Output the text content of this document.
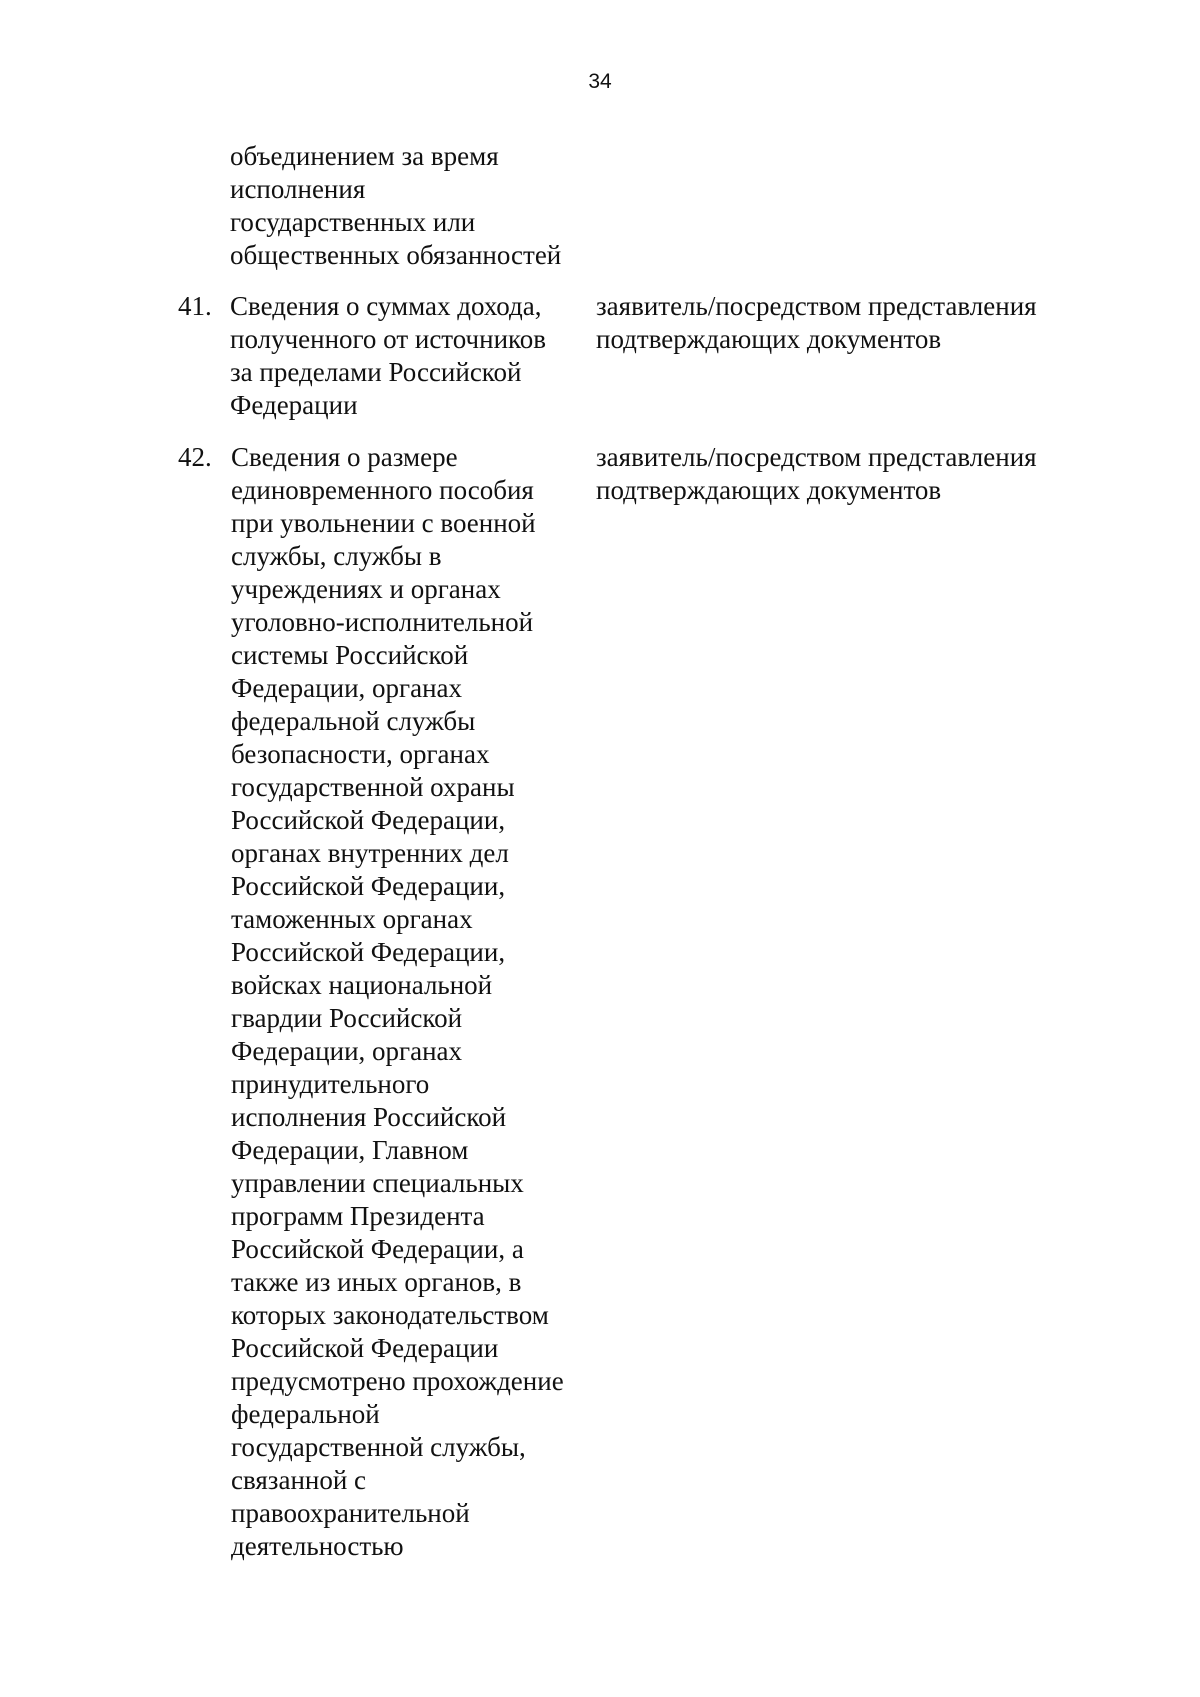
34
объединением за время
исполнения
государственных или
общественных обязанностей
41. Сведения о суммах дохода,
полученного от источников
за пределами Российской
Федерации
заявитель/посредством представления
подтверждающих документов
42. Сведения о размере
единовременного пособия
при увольнении с военной
службы, службы в
учреждениях и органах
уголовно-исполнительной
системы Российской
Федерации, органах
федеральной службы
безопасности, органах
государственной охраны
Российской Федерации,
органах внутренних дел
Российской Федерации,
таможенных органах
Российской Федерации,
войсках национальной
гвардии Российской
Федерации, органах
принудительного
исполнения Российской
Федерации, Главном
управлении специальных
программ Президента
Российской Федерации, а
также из иных органов, в
которых законодательством
Российской Федерации
предусмотрено прохождение
федеральной
государственной службы,
связанной с
правоохранительной
деятельностью
заявитель/посредством представления
подтверждающих документов
